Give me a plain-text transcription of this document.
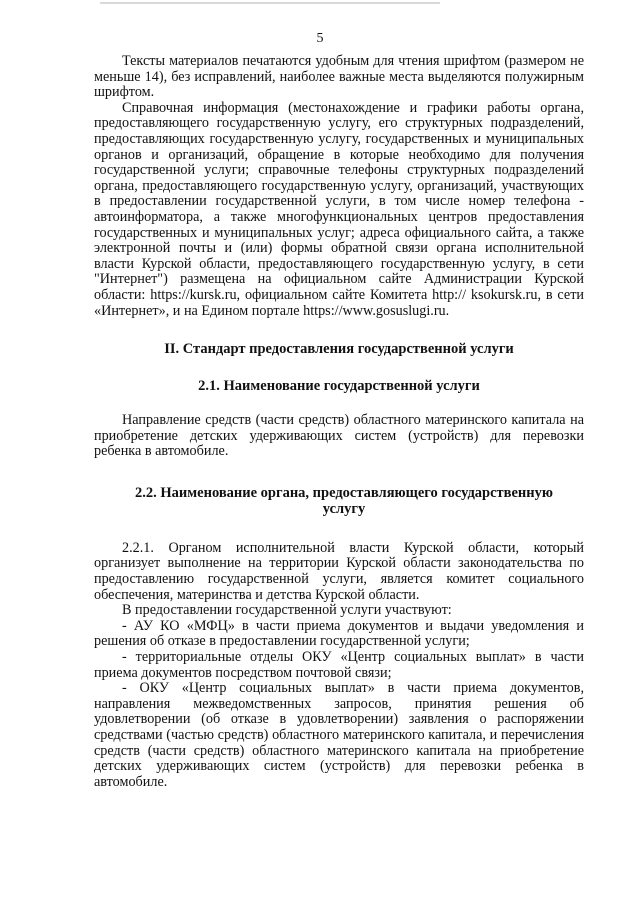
5

Тексты материалов печатаются удобным для чтения шрифтом (размером не меньше 14), без исправлений, наиболее важные места выделяются полужирным шрифтом.

Справочная информация (местонахождение и графики работы органа, предоставляющего государственную услугу, его структурных подразделений, предоставляющих государственную услугу, государственных и муниципальных органов и организаций, обращение в которые необходимо для получения государственной услуги; справочные телефоны структурных подразделений органа, предоставляющего государственную услугу, организаций, участвующих в предоставлении государственной услуги, в том числе номер телефона - автоинформатора, а также многофункциональных центров предоставления государственных и муниципальных услуг; адреса официального сайта, а также электронной почты и (или) формы обратной связи органа исполнительной власти Курской области, предоставляющего государственную услугу, в сети "Интернет") размещена на официальном сайте Администрации Курской области: https://kursk.ru, официальном сайте Комитета http:// ksokursk.ru, в сети «Интернет», и на Едином портале https://www.gosuslugi.ru.

II. Стандарт предоставления государственной услуги
2.1. Наименование государственной услуги

Направление средств (части средств) областного материнского капитала на приобретение детских удерживающих систем (устройств) для перевозки ребенка в автомобиле.

2.2. Наименование органа, предоставляющего государственную услугу

2.2.1. Органом исполнительной власти Курской области, который организует выполнение на территории Курской области законодательства по предоставлению государственной услуги, является комитет социального обеспечения, материнства и детства Курской области.

В предоставлении государственной услуги участвуют:

- АУ КО «МФЦ» в части приема документов и выдачи уведомления и решения об отказе в предоставлении государственной услуги;

- территориальные отделы ОКУ «Центр социальных выплат» в части приема документов посредством почтовой связи;

- ОКУ «Центр социальных выплат» в части приема документов, направления межведомственных запросов, принятия решения об удовлетворении (об отказе в удовлетворении) заявления о распоряжении средствами (частью средств) областного материнского капитала, и перечисления средств (части средств) областного материнского капитала на приобретение детских удерживающих систем (устройств) для перевозки ребенка в автомобиле.
